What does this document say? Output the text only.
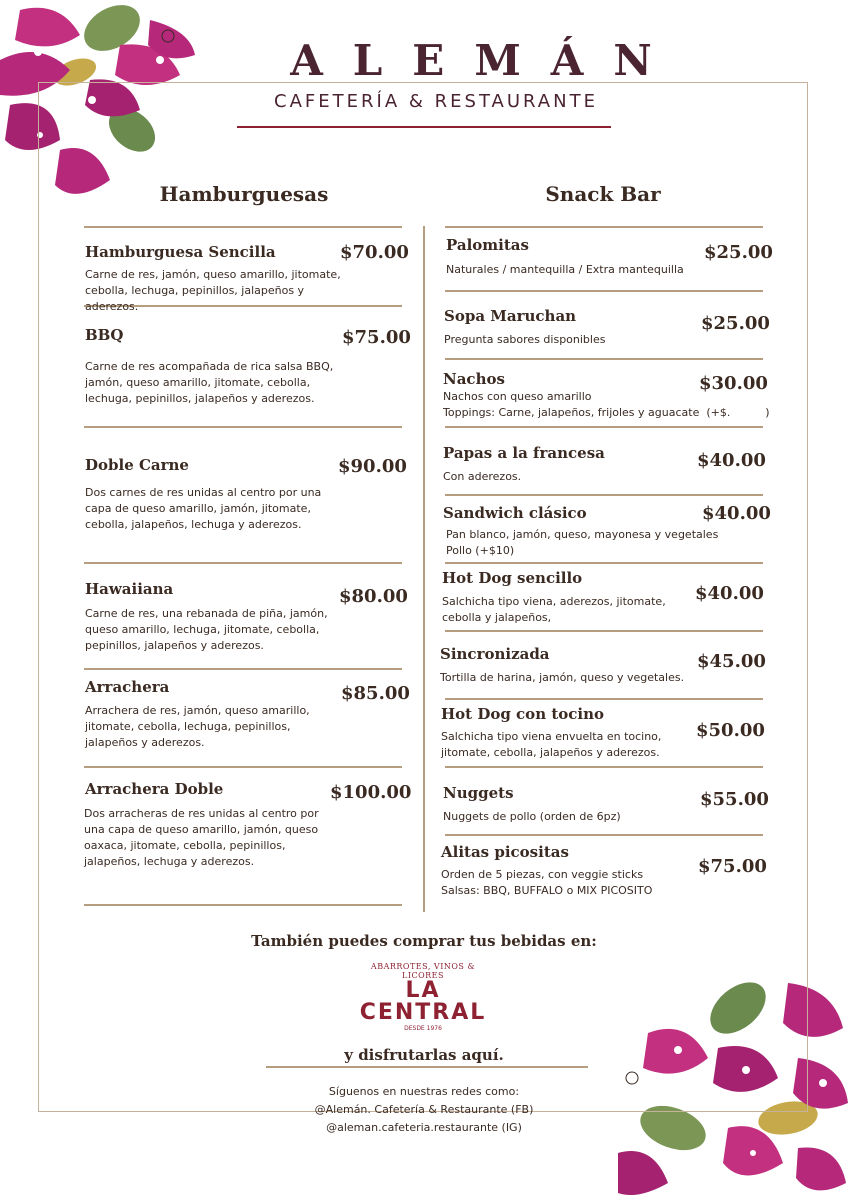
ALEMÁN
CAFETERÍA & RESTAURANTE
Hamburguesas	Snack Bar
Hamburguesa Sencilla	$70.00
Carne de res, jamón, queso amarillo, jitomate, cebolla, lechuga, pepinillos, jalapeños y aderezos.
BBQ	$75.00
Carne de res acompañada de rica salsa BBQ, jamón, queso amarillo, jitomate, cebolla, lechuga, pepinillos, jalapeños y aderezos.
Doble Carne	$90.00
Dos carnes de res unidas al centro por una capa de queso amarillo, jamón, jitomate, cebolla, jalapeños, lechuga y aderezos.
Hawaiiana	$80.00
Carne de res, una rebanada de piña, jamón, queso amarillo, lechuga, jitomate, cebolla, pepinillos, jalapeños y aderezos.
Arrachera	$85.00
Arrachera de res, jamón, queso amarillo, jitomate, cebolla, lechuga, pepinillos, jalapeños y aderezos.
Arrachera Doble	$100.00
Dos arracheras de res unidas al centro por una capa de queso amarillo, jamón, queso oaxaca, jitomate, cebolla, pepinillos, jalapeños, lechuga y aderezos.
Palomitas	$25.00
Naturales / mantequilla / Extra mantequilla
Sopa Maruchan	$25.00
Pregunta sabores disponibles
Nachos	$30.00
Nachos con queso amarillo
Toppings: Carne, jalapeños, frijoles y aguacate  (+$.          )
Papas a la francesa	$40.00
Con aderezos.
Sandwich clásico	$40.00
Pan blanco, jamón, queso, mayonesa y vegetales
Pollo (+$10)
Hot Dog sencillo
$40.00
Salchicha tipo viena, aderezos, jitomate, cebolla y jalapeños,
Sincronizada	$45.00
Tortilla de harina, jamón, queso y vegetales.
Hot Dog con tocino
$50.00
Salchicha tipo viena envuelta en tocino, jitomate, cebolla, jalapeños y aderezos.
Nuggets	$55.00
Nuggets de pollo (orden de 6pz)
Alitas picositas
$75.00
Orden de 5 piezas, con veggie sticks
Salsas: BBQ, BUFFALO o MIX PICOSITO
También puedes comprar tus bebidas en:
ABARROTES, VINOS & LICORES
LA
CENTRAL
DESDE 1976
y disfrutarlas aquí.
Síguenos en nuestras redes como:
@Alemán. Cafetería & Restaurante (FB)
@aleman.cafeteria.restaurante (IG)
